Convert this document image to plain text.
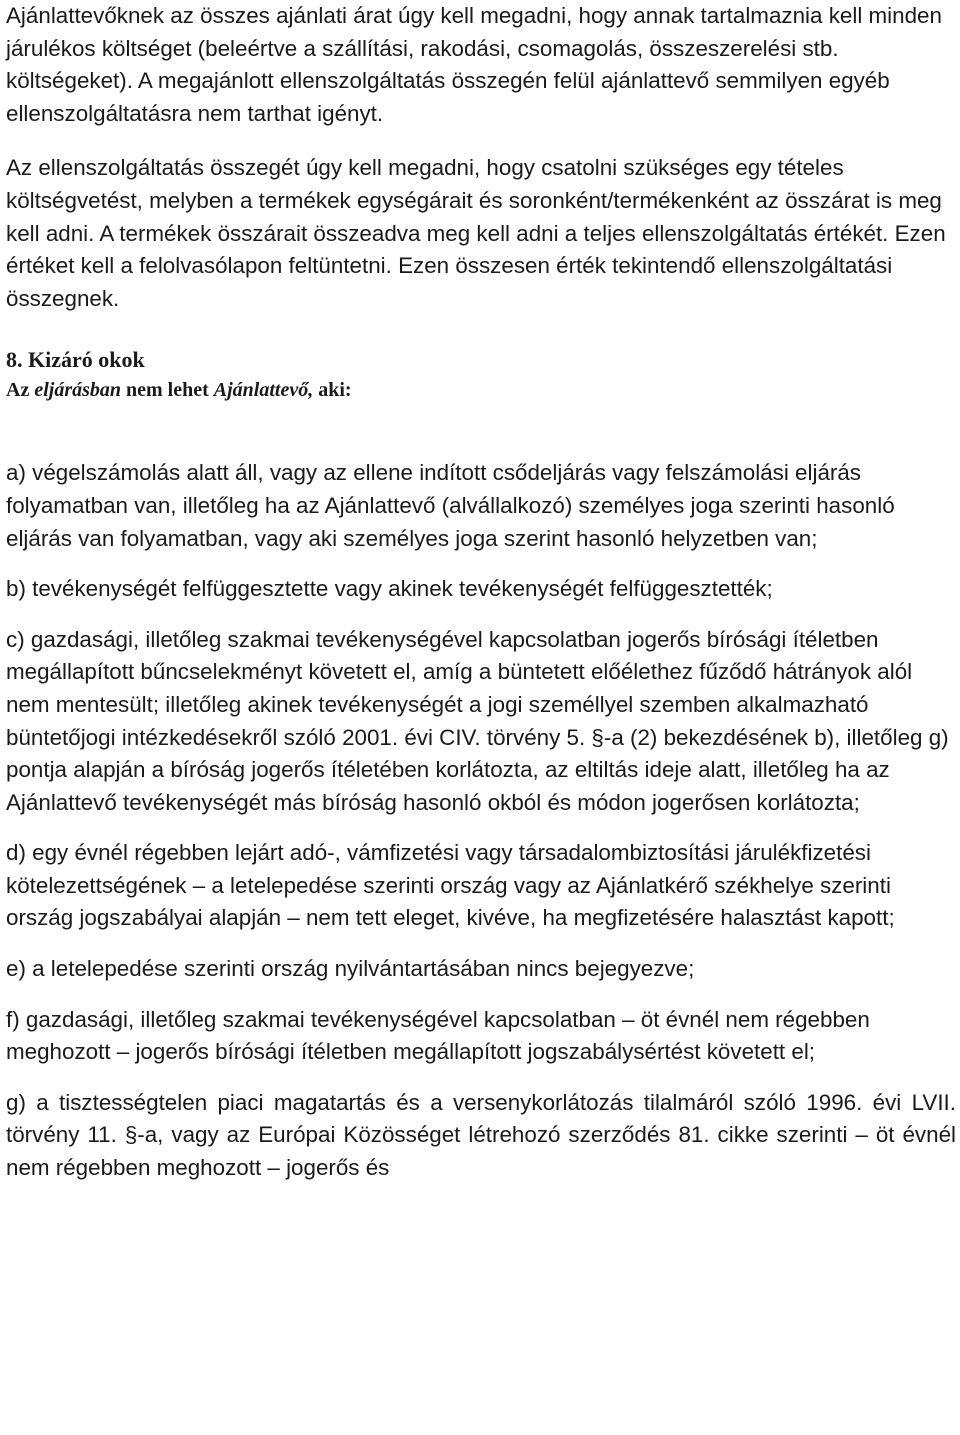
Ajánlattevőknek az összes ajánlati árat úgy kell megadni, hogy annak tartalmaznia kell minden járulékos költséget (beleértve a szállítási, rakodási, csomagolás, összeszerelési stb. költségeket). A megajánlott ellenszolgáltatás összegén felül ajánlattevő semmilyen egyéb ellenszolgáltatásra nem tarthat igényt.

Az ellenszolgáltatás összegét úgy kell megadni, hogy csatolni szükséges egy tételes költségvetést, melyben a termékek egységárait és soronként/termékenként az összárat is meg kell adni. A termékek összárait összeadva meg kell adni a teljes ellenszolgáltatás értékét. Ezen értéket kell a felolvasólapon feltüntetni. Ezen összesen érték tekintendő ellenszolgáltatási összegnek.

8. Kizáró okok

Az eljárásban nem lehet Ajánlattevő, aki:

a) végelszámolás alatt áll, vagy az ellene indított csődeljárás vagy felszámolási eljárás folyamatban van, illetőleg ha az Ajánlattevő (alvállalkozó) személyes joga szerinti hasonló eljárás van folyamatban, vagy aki személyes joga szerint hasonló helyzetben van;

b) tevékenységét felfüggesztette vagy akinek tevékenységét felfüggesztették;

c) gazdasági, illetőleg szakmai tevékenységével kapcsolatban jogerős bírósági ítéletben megállapított bűncselekményt követett el, amíg a büntetett előélethez fűződő hátrányok alól nem mentesült; illetőleg akinek tevékenységét a jogi személlyel szemben alkalmazható büntetőjogi intézkedésekről szóló 2001. évi CIV. törvény 5. §-a (2) bekezdésének b), illetőleg g) pontja alapján a bíróság jogerős ítéletében korlátozta, az eltiltás ideje alatt, illetőleg ha az Ajánlattevő tevékenységét más bíróság hasonló okból és módon jogerősen korlátozta;

d) egy évnél régebben lejárt adó-, vámfizetési vagy társadalombiztosítási járulékfizetési kötelezettségének – a letelepedése szerinti ország vagy az Ajánlatkérő székhelye szerinti ország jogszabályai alapján – nem tett eleget, kivéve, ha megfizetésére halasztást kapott;

e) a letelepedése szerinti ország nyilvántartásában nincs bejegyezve;

f) gazdasági, illetőleg szakmai tevékenységével kapcsolatban – öt évnél nem régebben meghozott – jogerős bírósági ítéletben megállapított jogszabálysértést követett el;

g) a tisztességtelen piaci magatartás és a versenykorlátozás tilalmáról szóló 1996. évi LVII. törvény 11. §-a, vagy az Európai Közösséget létrehozó szerződés 81. cikke szerinti – öt évnél nem régebben meghozott – jogerős és
